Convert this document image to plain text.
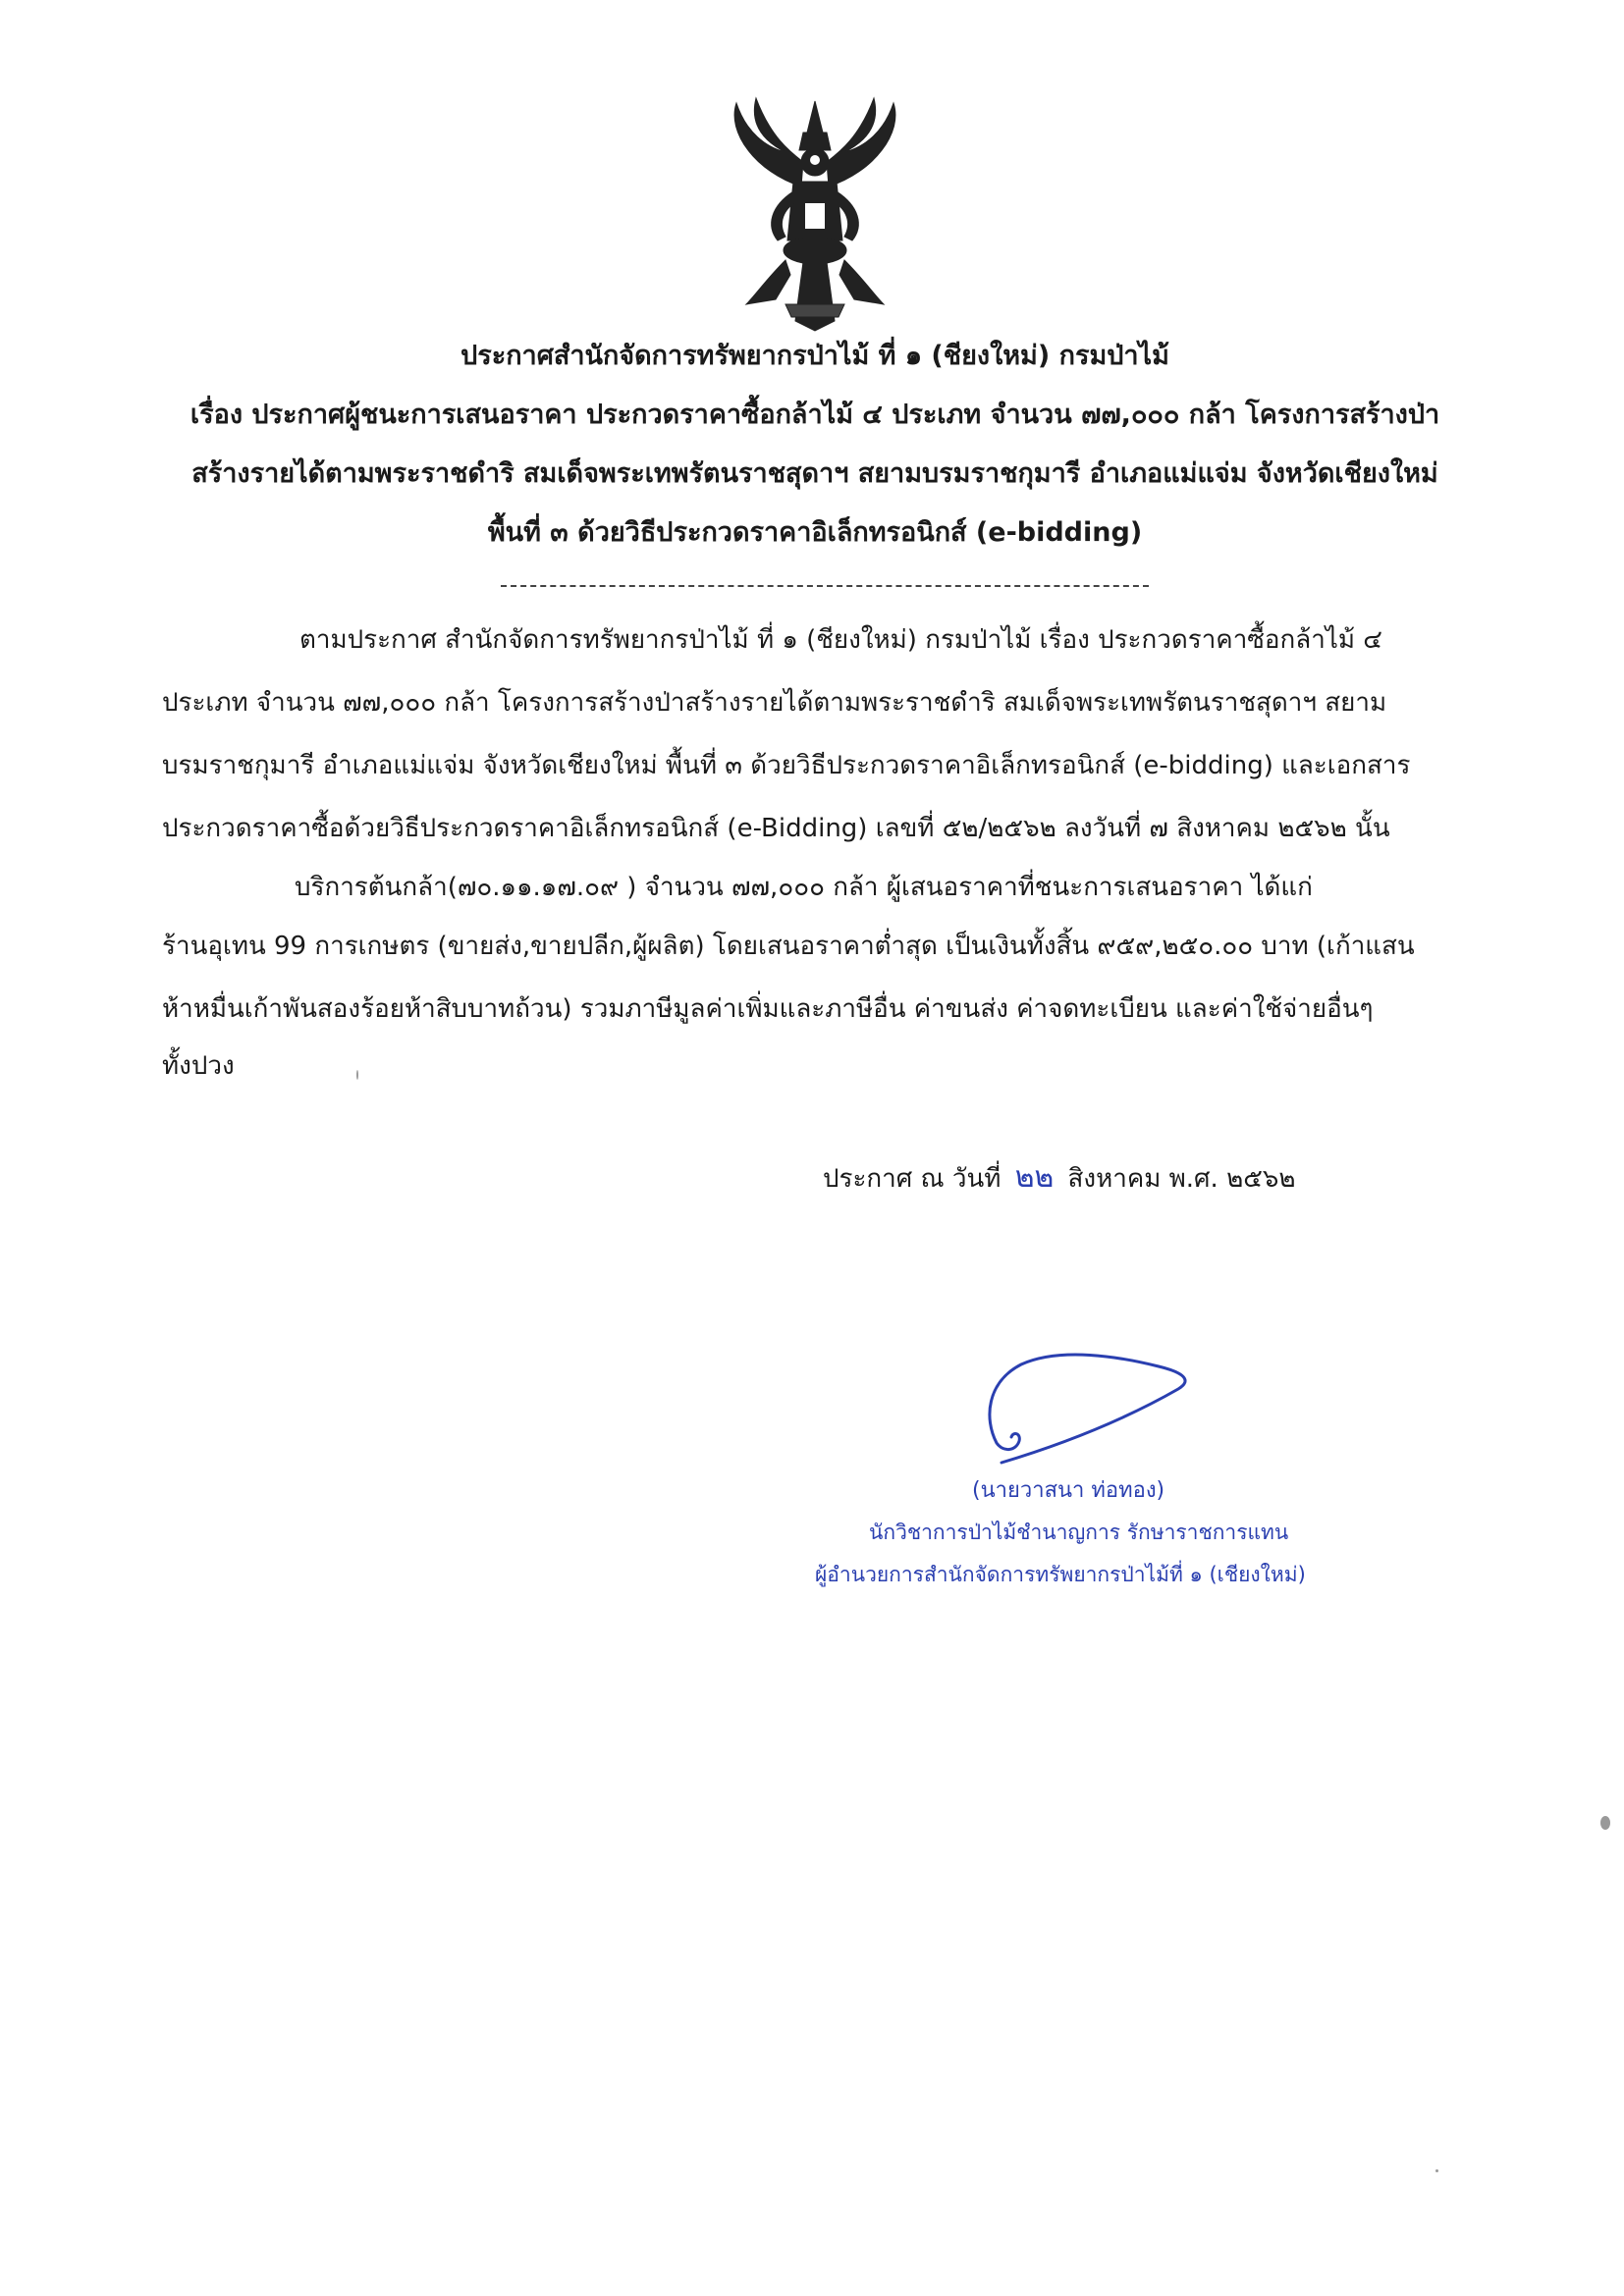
ประกาศสำนักจัดการทรัพยากรป่าไม้ ที่ ๑ (ชียงใหม่) กรมป่าไม้

เรื่อง ประกาศผู้ชนะการเสนอราคา ประกวดราคาซื้อกล้าไม้ ๔ ประเภท จำนวน ๗๗,๐๐๐ กล้า โครงการสร้างป่า

สร้างรายได้ตามพระราชดำริ สมเด็จพระเทพรัตนราชสุดาฯ สยามบรมราชกุมารี อำเภอแม่แจ่ม จังหวัดเชียงใหม่

พื้นที่ ๓ ด้วยวิธีประกวดราคาอิเล็กทรอนิกส์ (e-bidding)

ตามประกาศ สำนักจัดการทรัพยากรป่าไม้ ที่ ๑ (ชียงใหม่) กรมป่าไม้ เรื่อง ประกวดราคาซื้อกล้าไม้ ๔

ประเภท จำนวน ๗๗,๐๐๐ กล้า โครงการสร้างป่าสร้างรายได้ตามพระราชดำริ สมเด็จพระเทพรัตนราชสุดาฯ สยาม

บรมราชกุมารี อำเภอแม่แจ่ม จังหวัดเชียงใหม่ พื้นที่ ๓ ด้วยวิธีประกวดราคาอิเล็กทรอนิกส์ (e-bidding) และเอกสาร

ประกวดราคาซื้อด้วยวิธีประกวดราคาอิเล็กทรอนิกส์ (e-Bidding) เลขที่ ๕๒/๒๕๖๒ ลงวันที่ ๗ สิงหาคม ๒๕๖๒ นั้น

บริการต้นกล้า(๗๐.๑๑.๑๗.๐๙ ) จำนวน ๗๗,๐๐๐ กล้า ผู้เสนอราคาที่ชนะการเสนอราคา ได้แก่

ร้านอุเทน 99 การเกษตร (ขายส่ง,ขายปลีก,ผู้ผลิต) โดยเสนอราคาต่ำสุด เป็นเงินทั้งสิ้น ๙๕๙,๒๕๐.๐๐ บาท (เก้าแสน

ห้าหมื่นเก้าพันสองร้อยห้าสิบบาทถ้วน) รวมภาษีมูลค่าเพิ่มและภาษีอื่น ค่าขนส่ง ค่าจดทะเบียน และค่าใช้จ่ายอื่นๆ

ทั้งปวง

ประกาศ ณ วันที่ ๒๒ สิงหาคม พ.ศ. ๒๕๖๒
(นายวาสนา ท่อทอง)
นักวิชาการป่าไม้ชำนาญการ รักษาราชการแทน
ผู้อำนวยการสำนักจัดการทรัพยากรป่าไม้ที่ ๑ (เชียงใหม่)
